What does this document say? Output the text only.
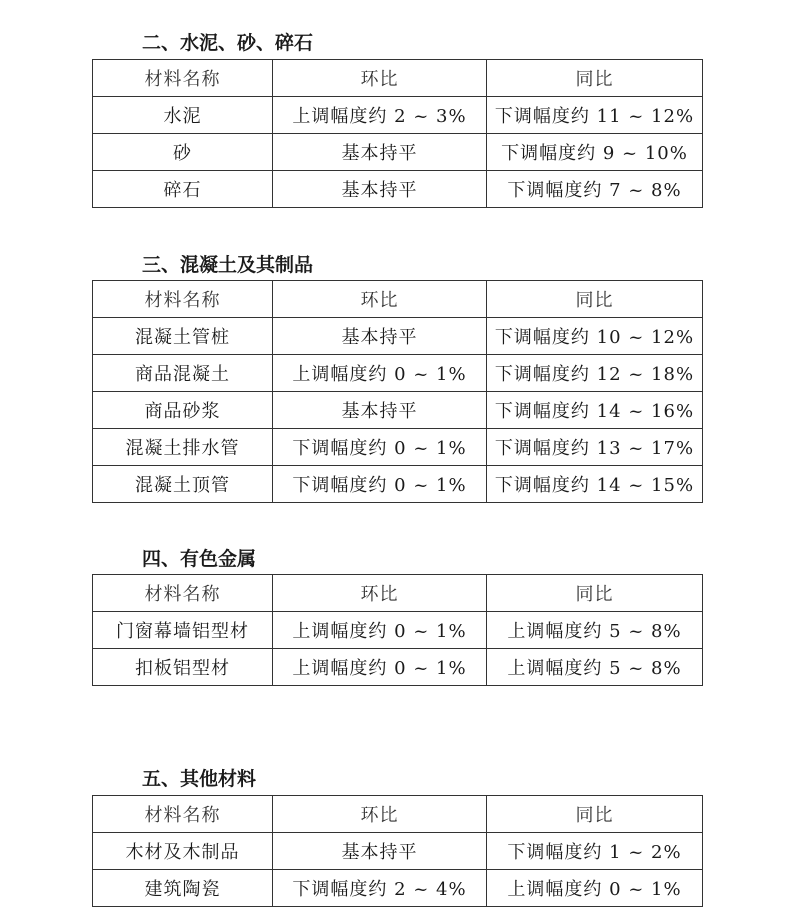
二、水泥、砂、碎石
材料名称	环比	同比
水泥	上调幅度约 2 ~ 3%	下调幅度约 11 ~ 12%
砂	基本持平	下调幅度约 9 ~ 10%
碎石	基本持平	下调幅度约 7 ~ 8%
三、混凝土及其制品
材料名称	环比	同比
混凝土管桩	基本持平	下调幅度约 10 ~ 12%
商品混凝土	上调幅度约 0 ~ 1%	下调幅度约 12 ~ 18%
商品砂浆	基本持平	下调幅度约 14 ~ 16%
混凝土排水管	下调幅度约 0 ~ 1%	下调幅度约 13 ~ 17%
混凝土顶管	下调幅度约 0 ~ 1%	下调幅度约 14 ~ 15%
四、有色金属
材料名称	环比	同比
门窗幕墙铝型材	上调幅度约 0 ~ 1%	上调幅度约 5 ~ 8%
扣板铝型材	上调幅度约 0 ~ 1%	上调幅度约 5 ~ 8%
五、其他材料
材料名称	环比	同比
木材及木制品	基本持平	下调幅度约 1 ~ 2%
建筑陶瓷	下调幅度约 2 ~ 4%	上调幅度约 0 ~ 1%
